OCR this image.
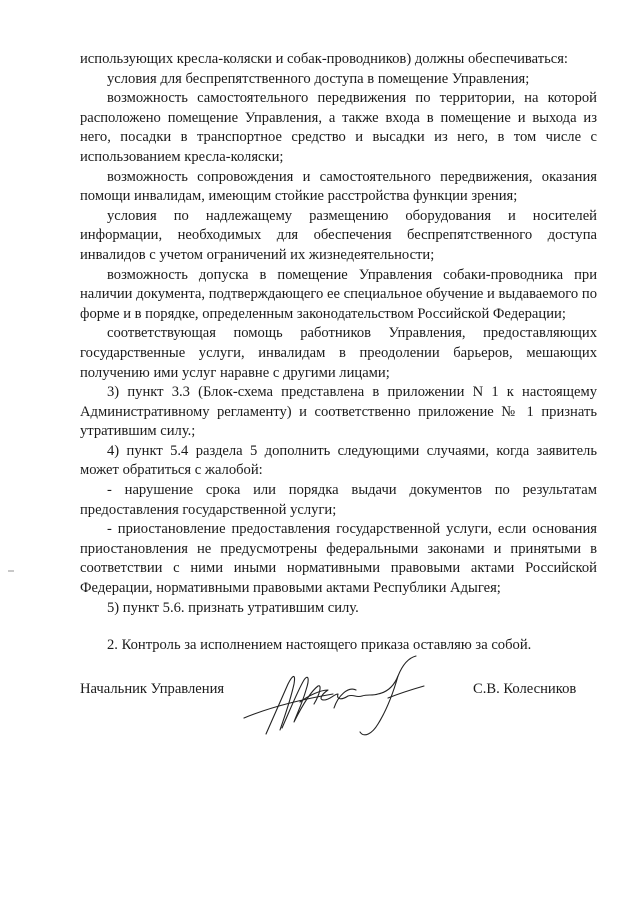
использующих кресла-коляски и собак-проводников) должны обеспечиваться:

условия для беспрепятственного доступа в помещение Управления;

возможность самостоятельного передвижения по территории, на которой расположено помещение Управления, а также входа в помещение и выхода из него, посадки в транспортное средство и высадки из него, в том числе с использованием кресла-коляски;

возможность сопровождения и самостоятельного передвижения, оказания помощи инвалидам, имеющим стойкие расстройства функции зрения;

условия по надлежащему размещению оборудования и носителей информации, необходимых для обеспечения беспрепятственного доступа инвалидов с учетом ограничений их жизнедеятельности;

возможность допуска в помещение Управления собаки-проводника при наличии документа, подтверждающего ее специальное обучение и выдаваемого по форме и в порядке, определенным законодательством Российской Федерации;

соответствующая помощь работников Управления, предоставляющих государственные услуги, инвалидам в преодолении барьеров, мешающих получению ими услуг наравне с другими лицами;

3) пункт 3.3 (Блок-схема представлена в приложении N 1 к настоящему Административному регламенту) и соответственно приложение № 1 признать утратившим силу.;

4) пункт 5.4 раздела 5 дополнить следующими случаями, когда заявитель может обратиться с жалобой:

- нарушение срока или порядка выдачи документов по результатам предоставления государственной услуги;

- приостановление предоставления государственной услуги, если основания приостановления не предусмотрены федеральными законами и принятыми в соответствии с ними иными нормативными правовыми актами Российской Федерации, нормативными правовыми актами Республики Адыгея;

5) пункт 5.6. признать утратившим силу.

2. Контроль за исполнением настоящего приказа оставляю за собой.

Начальник Управления	С.В. Колесников
